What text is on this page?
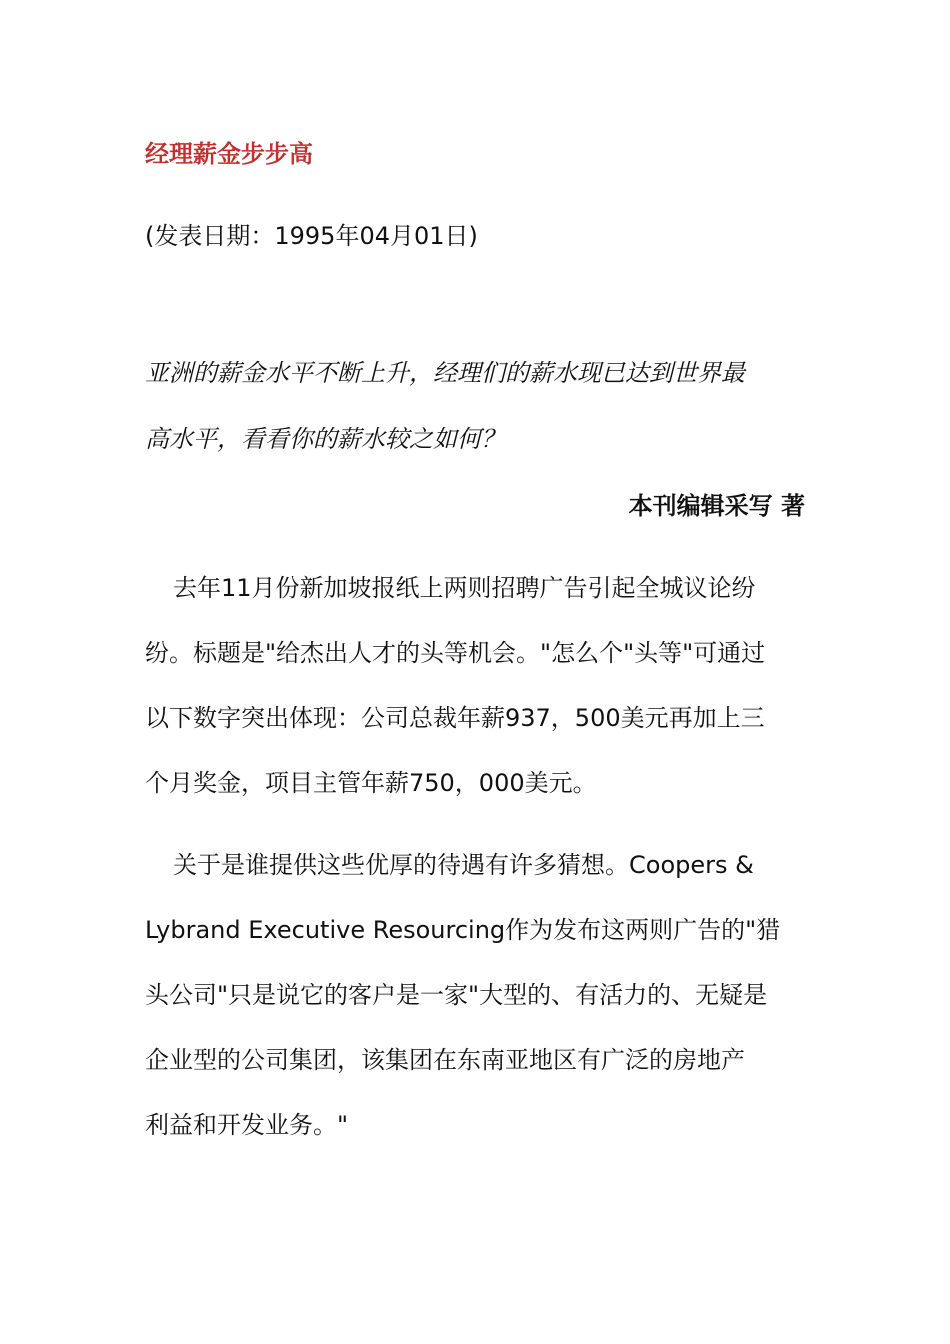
经理薪金步步高
(发表日期：1995年04月01日)
亚洲的薪金水平不断上升，经理们的薪水现已达到世界最
高水平，看看你的薪水较之如何？
本刊编辑采写 著
去年11月份新加坡报纸上两则招聘广告引起全城议论纷
纷。标题是"给杰出人才的头等机会。"怎么个"头等"可通过
以下数字突出体现：公司总裁年薪937，500美元再加上三
个月奖金，项目主管年薪750，000美元。
关于是谁提供这些优厚的待遇有许多猜想。Coopers &
Lybrand Executive Resourcing作为发布这两则广告的"猎
头公司"只是说它的客户是一家"大型的、有活力的、无疑是
企业型的公司集团，该集团在东南亚地区有广泛的房地产
利益和开发业务。"
